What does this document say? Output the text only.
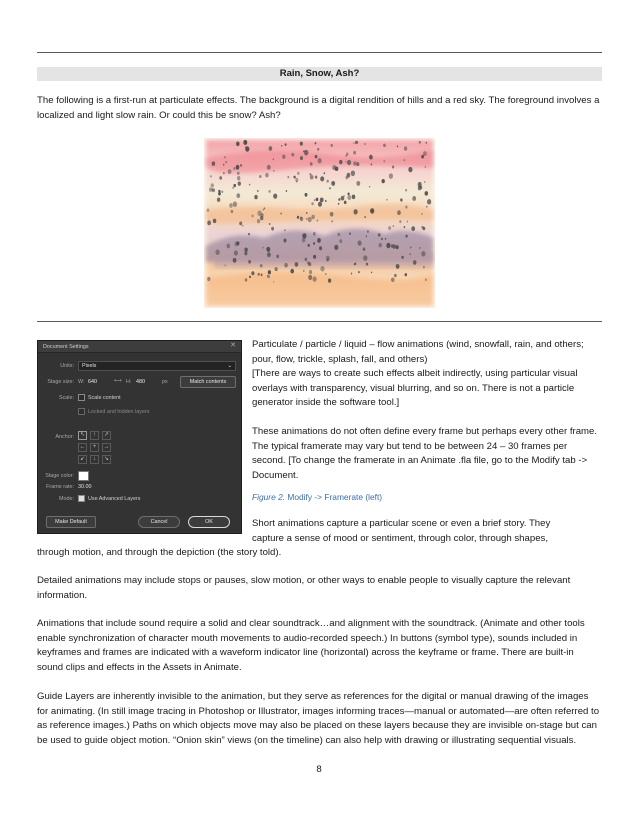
Rain, Snow, Ash?

The following is a first-run at particulate effects. The background is a digital rendition of hills and a red sky. The foreground involves a localized and light slow rain. Or could this be snow? Ash?

Document Settings	✕
Units:	Pixels	⌄
Stage size: W: 640	⟷ H: 480	px	Match contents
Scale:	Scale content
Locked and hidden layers
Anchor: ↖	↑	↗
←	+	→
↙	↓	↘
Stage color:
Frame rate: 30.00
Mode:	Use Advanced Layers
Make Default	Cancel	OK

Particulate / particle / liquid – flow animations (wind, snowfall, rain, and others; pour, flow, trickle, splash, fall, and others)
[There are ways to create such effects albeit indirectly, using particular visual overlays with transparency, visual blurring, and so on. There is not a particle generator inside the software tool.]

These animations do not often define every frame but perhaps every other frame. The typical framerate may vary but tend to be between 24 – 30 frames per second. [To change the framerate in an Animate .fla file, go to the Modify tab -> Document.

Figure 2. Modify -> Framerate (left)

Short animations capture a particular scene or even a brief story. They

capture a sense of mood or sentiment, through color, through shapes,

through motion, and through the depiction (the story told).

Detailed animations may include stops or pauses, slow motion, or other ways to enable people to visually capture the relevant information.

Animations that include sound require a solid and clear soundtrack…and alignment with the soundtrack. (Animate and other tools enable synchronization of character mouth movements to audio-recorded speech.) In buttons (symbol type), sounds included in keyframes and frames are indicated with a waveform indicator line (horizontal) across the keyframe or frame. There are built-in sound clips and effects in the Assets in Animate.

Guide Layers are inherently invisible to the animation, but they serve as references for the digital or manual drawing of the images for animating. (In still image tracing in Photoshop or Illustrator, images informing traces—manual or automated—are often referred to as reference images.) Paths on which objects move may also be placed on these layers because they are invisible on-stage but can be used to guide object motion. “Onion skin” views (on the timeline) can also help with drawing or illustrating sequential visuals.

8
